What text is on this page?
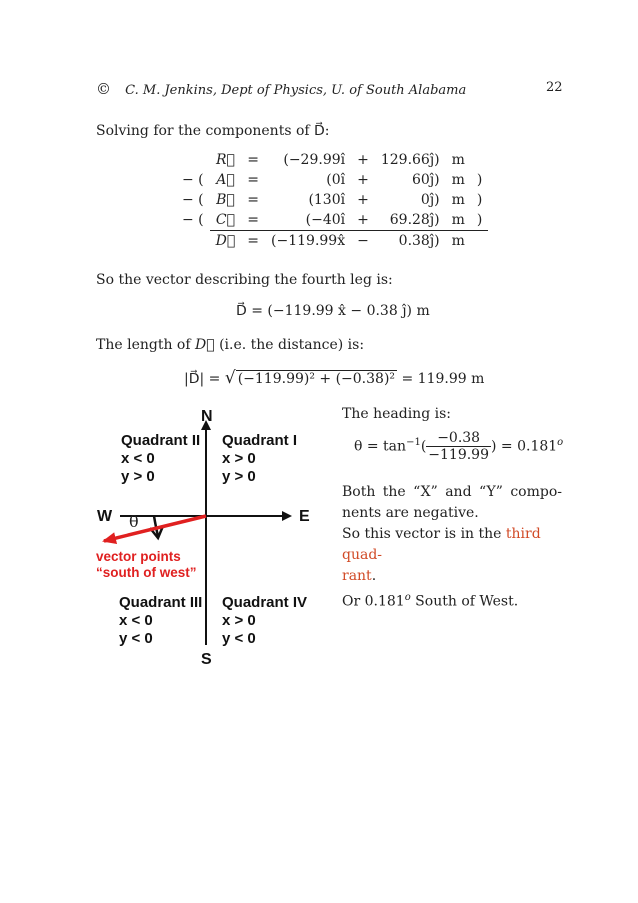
© C. M. Jenkins, Dept of Physics, U. of South Alabama	22
Solving for the components of D⃗:
	R⃗	=	(−29.99î	+	129.66ĵ)	m	
− (	A⃗	=	(0î	+	60ĵ)	m	)
− (	B⃗	=	(130î	+	0ĵ)	m	)
− (	C⃗	=	(−40î	+	69.28ĵ)	m	)
	D⃗	=	(−119.99x̂	−	0.38ĵ)	m	
So the vector describing the fourth leg is:
D⃗ = (−119.99 x̂ − 0.38 ĵ) m
The length of D⃗ (i.e. the distance) is:
|D⃗| = √ (−119.99)² + (−0.38)² = 119.99 m
N
S
W	E
θ
Quadrant II
x < 0
y > 0
Quadrant I
x > 0
y > 0
Quadrant III
x < 0
y < 0
Quadrant IV
x > 0
y < 0
vector points
“south of west”
The heading is:
$\theta = \tan^{-1}( \frac{-0.38}{-119.99}$ ) = $0.181^o$
Both the “X” and “Y” compo-
nents are negative.
So this vector is in the third quad-
rant.
Or 0.181$^o$ South of West.
